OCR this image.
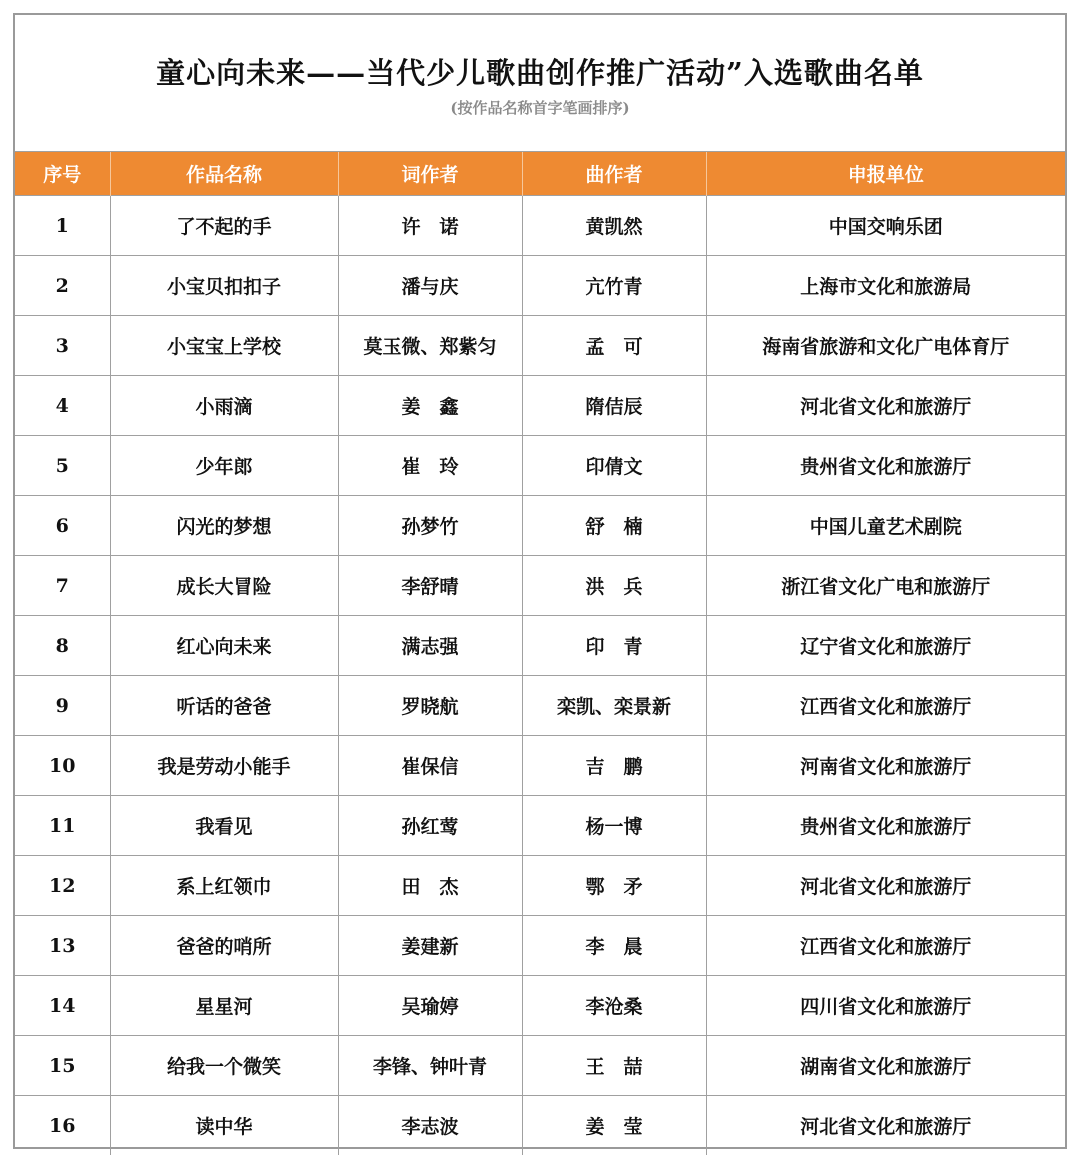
童心向未来——当代少儿歌曲创作推广活动”入选歌曲名单
(按作品名称首字笔画排序)
序号	作品名称	词作者	曲作者	申报单位
1	了不起的手	许　诺	黄凯然	中国交响乐团
2	小宝贝扣扣子	潘与庆	亢竹青	上海市文化和旅游局
3	小宝宝上学校	莫玉微、郑紫匀	孟　可	海南省旅游和文化广电体育厅
4	小雨滴	姜　鑫	隋佶辰	河北省文化和旅游厅
5	少年郎	崔　玲	印倩文	贵州省文化和旅游厅
6	闪光的梦想	孙梦竹	舒　楠	中国儿童艺术剧院
7	成长大冒险	李舒晴	洪　兵	浙江省文化广电和旅游厅
8	红心向未来	满志强	印　青	辽宁省文化和旅游厅
9	听话的爸爸	罗晓航	栾凯、栾景新	江西省文化和旅游厅
10	我是劳动小能手	崔保信	吉　鹏	河南省文化和旅游厅
11	我看见	孙红莺	杨一博	贵州省文化和旅游厅
12	系上红领巾	田　杰	鄂　矛	河北省文化和旅游厅
13	爸爸的哨所	姜建新	李　晨	江西省文化和旅游厅
14	星星河	吴瑜婷	李沧桑	四川省文化和旅游厅
15	给我一个微笑	李锋、钟叶青	王　喆	湖南省文化和旅游厅
16	读中华	李志波	姜　莹	河北省文化和旅游厅
